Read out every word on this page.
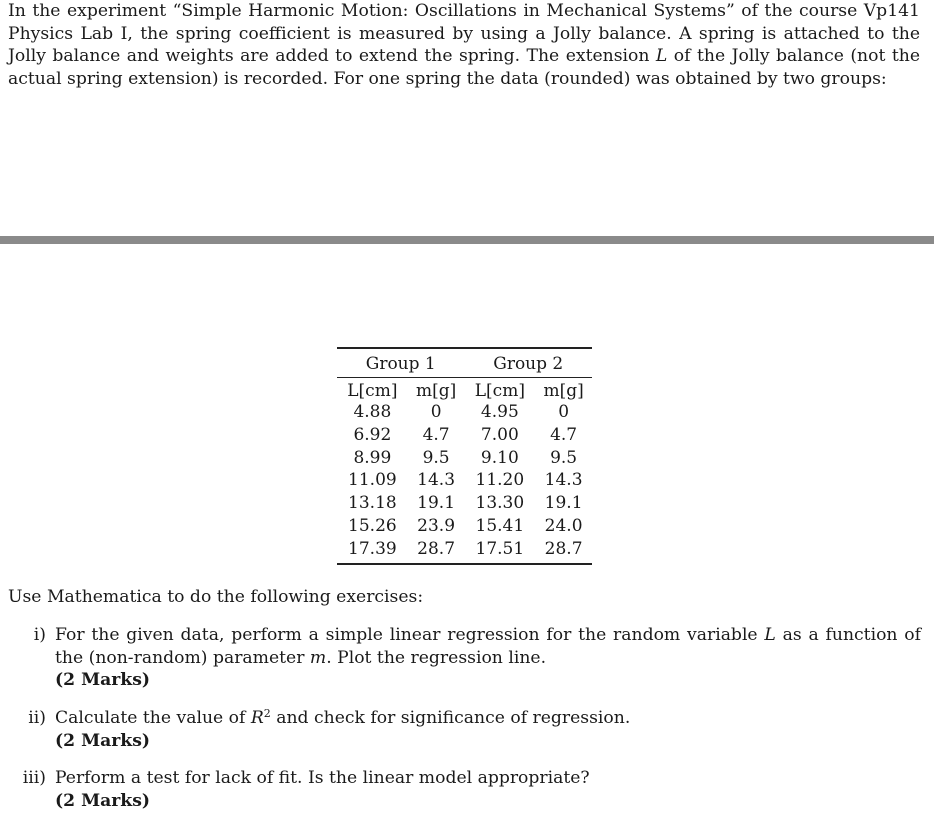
In the experiment “Simple Harmonic Motion: Oscillations in Mechanical Systems” of the course Vp141 Physics Lab I, the spring coefficient is measured by using a Jolly balance. A spring is attached to the Jolly balance and weights are added to extend the spring. The extension L of the Jolly balance (not the actual spring extension) is recorded. For one spring the data (rounded) was obtained by two groups:
Group 1		Group 2	
L[cm]	m[g]	L[cm]	m[g]
4.88	0	4.95	0
6.92	4.7	7.00	4.7
8.99	9.5	9.10	9.5
11.09	14.3	11.20	14.3
13.18	19.1	13.30	19.1
15.26	23.9	15.41	24.0
17.39	28.7	17.51	28.7
Use Mathematica to do the following exercises:
i) For the given data, perform a simple linear regression for the random variable L as a function of the (non-random) parameter m. Plot the regression line.
(2 Marks)
ii) Calculate the value of $R^2$ and check for significance of regression.
(2 Marks)
iii) Perform a test for lack of fit. Is the linear model appropriate?
(2 Marks)
